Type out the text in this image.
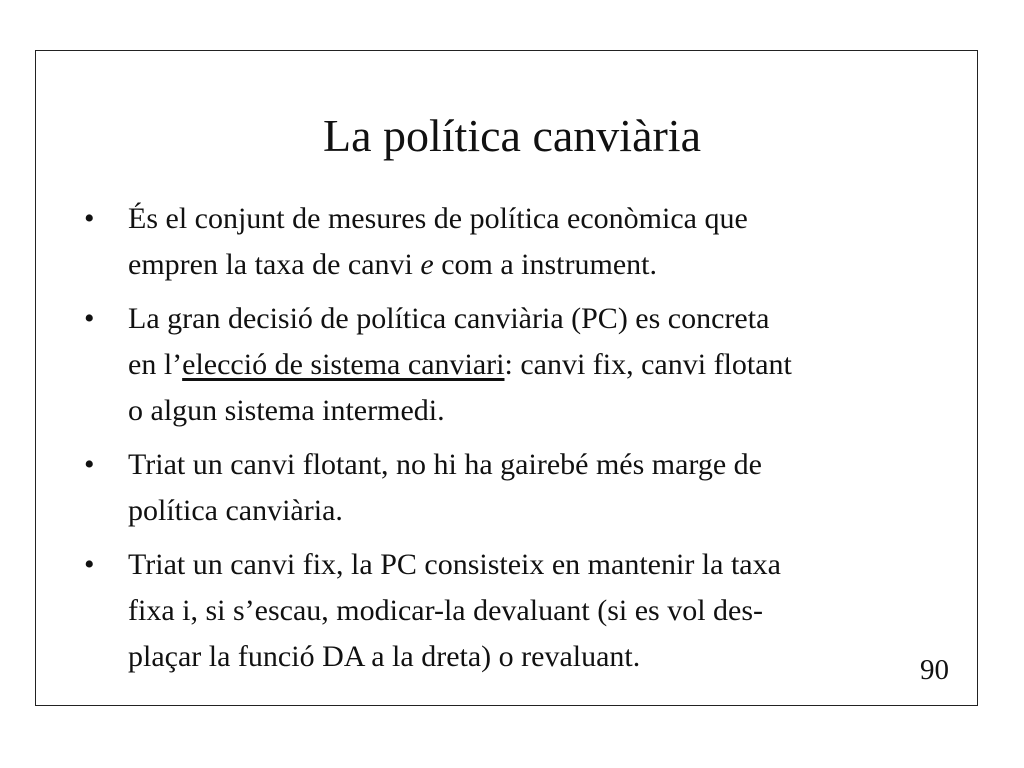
La política canviària
•	És el conjunt de mesures de política econòmica que
empren la taxa de canvi e com a instrument.
•	La gran decisió de política canviària (PC) es concreta
en l’elecció de sistema canviari: canvi fix, canvi flotant
o algun sistema intermedi.
•	Triat un canvi flotant, no hi ha gairebé més marge de
política canviària.
•	Triat un canvi fix, la PC consisteix en mantenir la taxa
fixa i, si s’escau, modicar-la devaluant (si es vol des-
plaçar la funció DA a la dreta) o revaluant.	90
